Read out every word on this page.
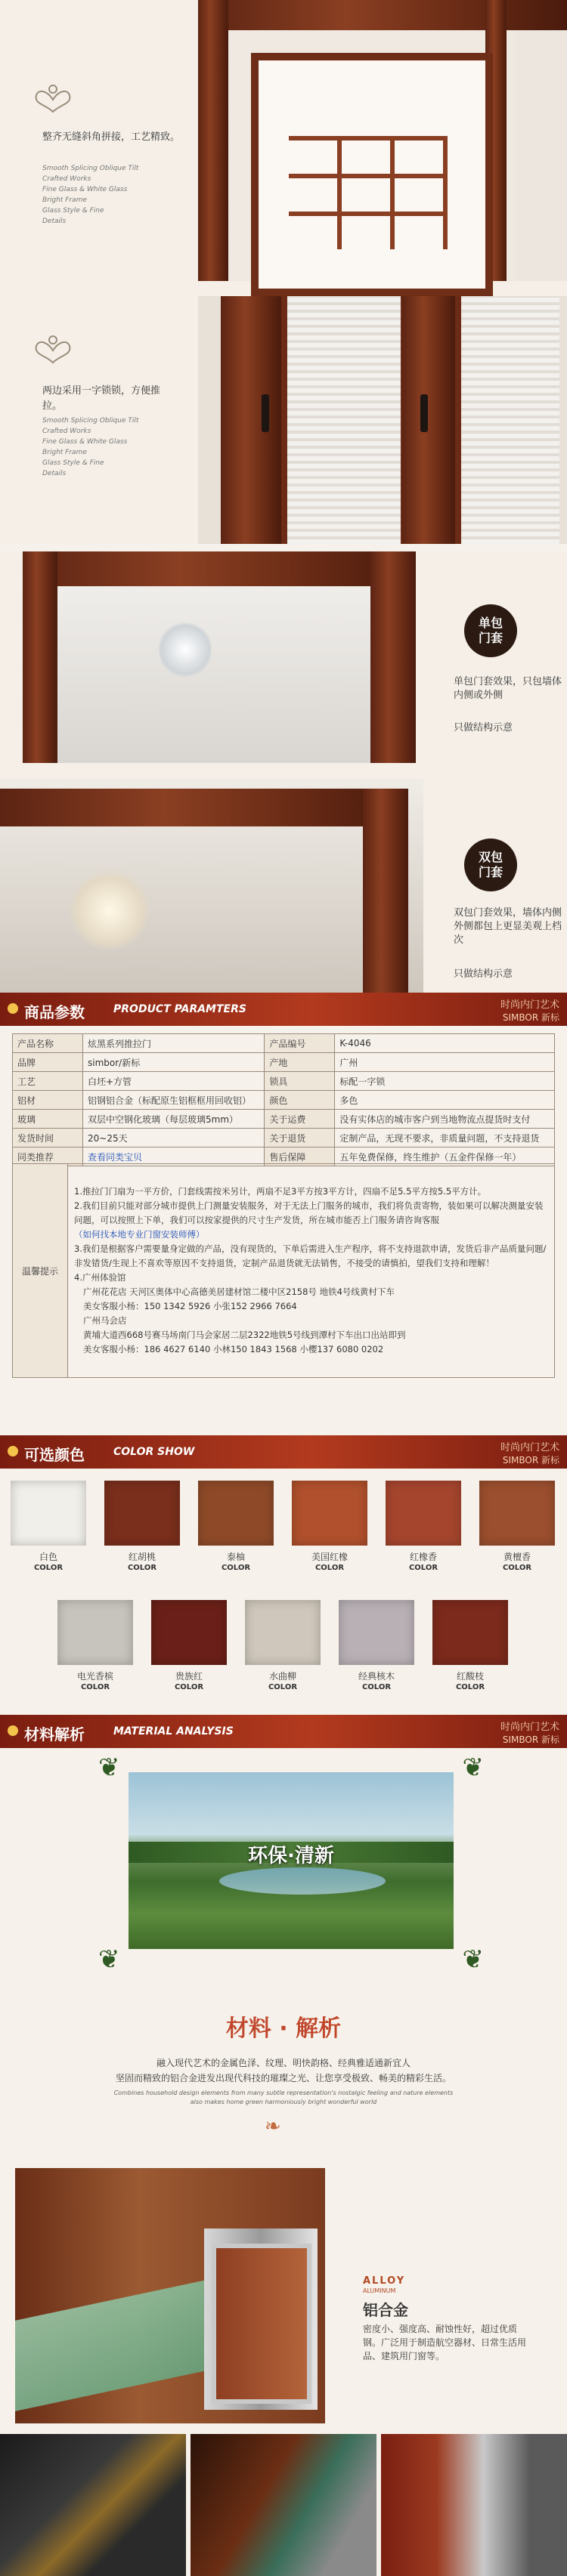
整齐无缝斜角拼接，工艺精致。
Smooth Splicing Oblique Tilt
Crafted Works
Fine Glass & White Glass
Bright Frame
Glass Style & Fine
Details
两边采用一字锁锁，方便推拉。
Smooth Splicing Oblique Tilt
Crafted Works
Fine Glass & White Glass
Bright Frame
Glass Style & Fine
Details
单包
门套
单包门套效果，只包墙体内侧或外侧
只做结构示意
双包
门套
双包门套效果，墙体内侧外侧都包上更显美观上档次
只做结构示意
商品参数	PRODUCT PARAMTERS	时尚内门艺术
SIMBOR 新标
产品名称	炫黑系列推拉门	产品编号	K-4046
品牌	simbor/新标	产地	广州
工艺	白坯+方管	锁具	标配一字锁
铝材	铝钢铝合金（标配原生铝框框用回收铝）	颜色	多色
玻璃	双层中空钢化玻璃（每层玻璃5mm）	关于运费	没有实体店的城市客户到当地物流点提货时支付
发货时间	20~25天	关于退货	定制产品，无现不要求，非质量问题，不支持退货
同类推荐	查看同类宝贝	售后保障	五年免费保修，终生维护（五金件保修一年）
温馨提示	
1.推拉门门扇为一平方价，门套线需按米另计，两扇不足3平方按3平方计，四扇不足5.5平方按5.5平方计。
2.我们目前只能对部分城市提供上门测量安装服务，对于无法上门服务的城市，我们将负责寄物，装如果可以解决测量安装问题，可以按照上下单，我们可以按家提供的尺寸生产发货，所在城市能否上门服务请咨询客服
（如何找本地专业门窗安装师傅）
3.我们是根据客户需要量身定做的产品，没有现货的，下单后需进入生产程序，将不支持退款申请，发货后非产品质量问题/非发错货/生现上不喜欢等原因不支持退货，定制产品退货就无法销售，不接受的请慎拍，望我们支持和理解！
4.广州体验馆
广州花花店 天河区奥体中心高德美居建材馆二楼中区2158号 地铁4号线黄村下车
美女客服小杨：150 1342 5926 小张152 2966 7664
广州马会店
黄埔大道西668号赛马场南门马会家居二层2322地铁5号线到潭村下车出口出站即到
美女客服小杨：186 4627 6140 小林150 1843 1568 小樱137 6080 0202
可选颜色	COLOR SHOW	时尚内门艺术
SIMBOR 新标
白色
COLOR
红胡桃
COLOR
泰柚
COLOR
美国红橡
COLOR
红橡香
COLOR
黄檀香
COLOR
电光香槟
COLOR
贵族红
COLOR
水曲柳
COLOR
经典核木
COLOR
红酸枝
COLOR
材料解析	MATERIAL ANALYSIS	时尚内门艺术
SIMBOR 新标
❦	❦
环保·清新
❦	❦
材料 · 解析
融入现代艺术的金属色泽、纹理、明快韵格、经典雅适通新宜人
坚固而精致的铝合金进发出现代科技的璀璨之光、让您享受极致、畅美的精彩生活。
Combines household design elements from many subtle representation's nostalgic feeling and nature elements
also makes home green harmoniously bright wonderful world
❧
ALLOY
ALUMINUM
铝合金
密度小、强度高、耐蚀性好，超过优质钢。广泛用于制造航空器材、日常生活用品、建筑用门窗等。
